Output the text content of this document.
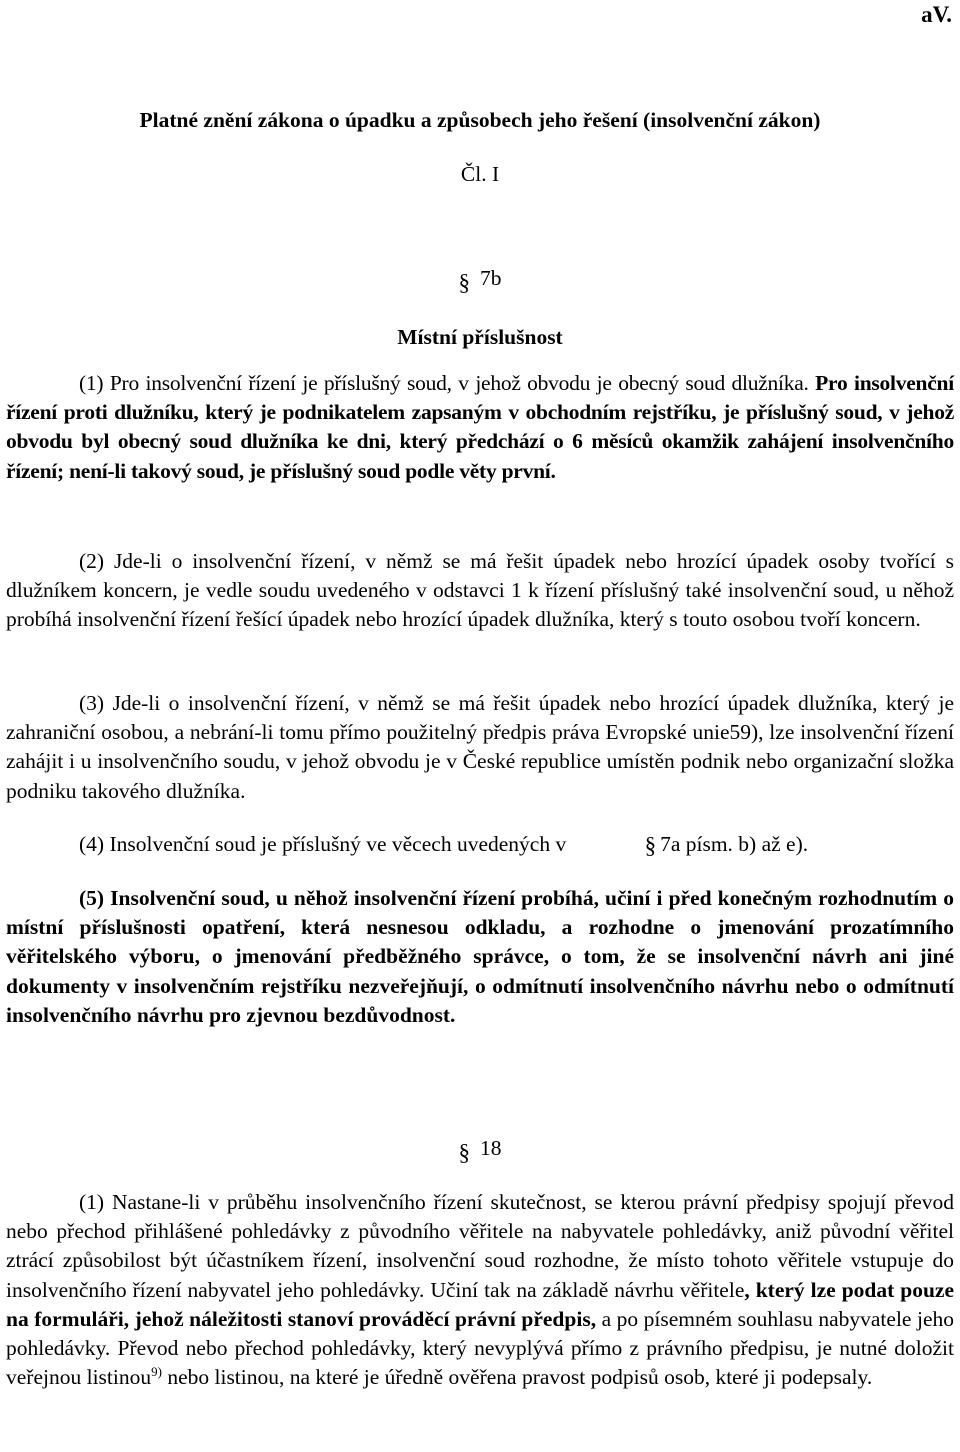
aV.
Platné znění zákona o úpadku a způsobech jeho řešení (insolvenční zákon)
Čl. I
§ 7b
Místní příslušnost

(1) Pro insolvenční řízení je příslušný soud, v jehož obvodu je obecný soud dlužníka. Pro insolvenční řízení proti dlužníku, který je podnikatelem zapsaným v obchodním rejstříku, je příslušný soud, v jehož obvodu byl obecný soud dlužníka ke dni, který předchází o 6 měsíců okamžik zahájení insolvenčního řízení; není-li takový soud, je příslušný soud podle věty první.

(2) Jde-li o insolvenční řízení, v němž se má řešit úpadek nebo hrozící úpadek osoby tvořící s dlužníkem koncern, je vedle soudu uvedeného v odstavci 1 k řízení příslušný také insolvenční soud, u něhož probíhá insolvenční řízení řešící úpadek nebo hrozící úpadek dlužníka, který s touto osobou tvoří koncern.

(3) Jde-li o insolvenční řízení, v němž se má řešit úpadek nebo hrozící úpadek dlužníka, který je zahraniční osobou, a nebrání-li tomu přímo použitelný předpis práva Evropské unie59), lze insolvenční řízení zahájit i u insolvenčního soudu, v jehož obvodu je v České republice umístěn podnik nebo organizační složka podniku takového dlužníka.

(4) Insolvenční soud je příslušný ve věcech uvedených v	§ 7a písm. b) až e).

(5) Insolvenční soud, u něhož insolvenční řízení probíhá, učiní i před konečným rozhodnutím o místní příslušnosti opatření, která nesnesou odkladu, a rozhodne o jmenování prozatímního věřitelského výboru, o jmenování předběžného správce, o tom, že se insolvenční návrh ani jiné dokumenty v insolvenčním rejstříku nezveřejňují, o odmítnutí insolvenčního návrhu nebo o odmítnutí insolvenčního návrhu pro zjevnou bezdůvodnost.

§ 18

(1) Nastane-li v průběhu insolvenčního řízení skutečnost, se kterou právní předpisy spojují převod nebo přechod přihlášené pohledávky z původního věřitele na nabyvatele pohledávky, aniž původní věřitel ztrácí způsobilost být účastníkem řízení, insolvenční soud rozhodne, že místo tohoto věřitele vstupuje do insolvenčního řízení nabyvatel jeho pohledávky. Učiní tak na základě návrhu věřitele, který lze podat pouze na formuláři, jehož náležitosti stanoví prováděcí právní předpis, a po písemném souhlasu nabyvatele jeho pohledávky. Převod nebo přechod pohledávky, který nevyplývá přímo z právního předpisu, je nutné doložit veřejnou listinou$^{9)}$ nebo listinou, na které je úředně ověřena pravost podpisů osob, které ji podepsaly.
